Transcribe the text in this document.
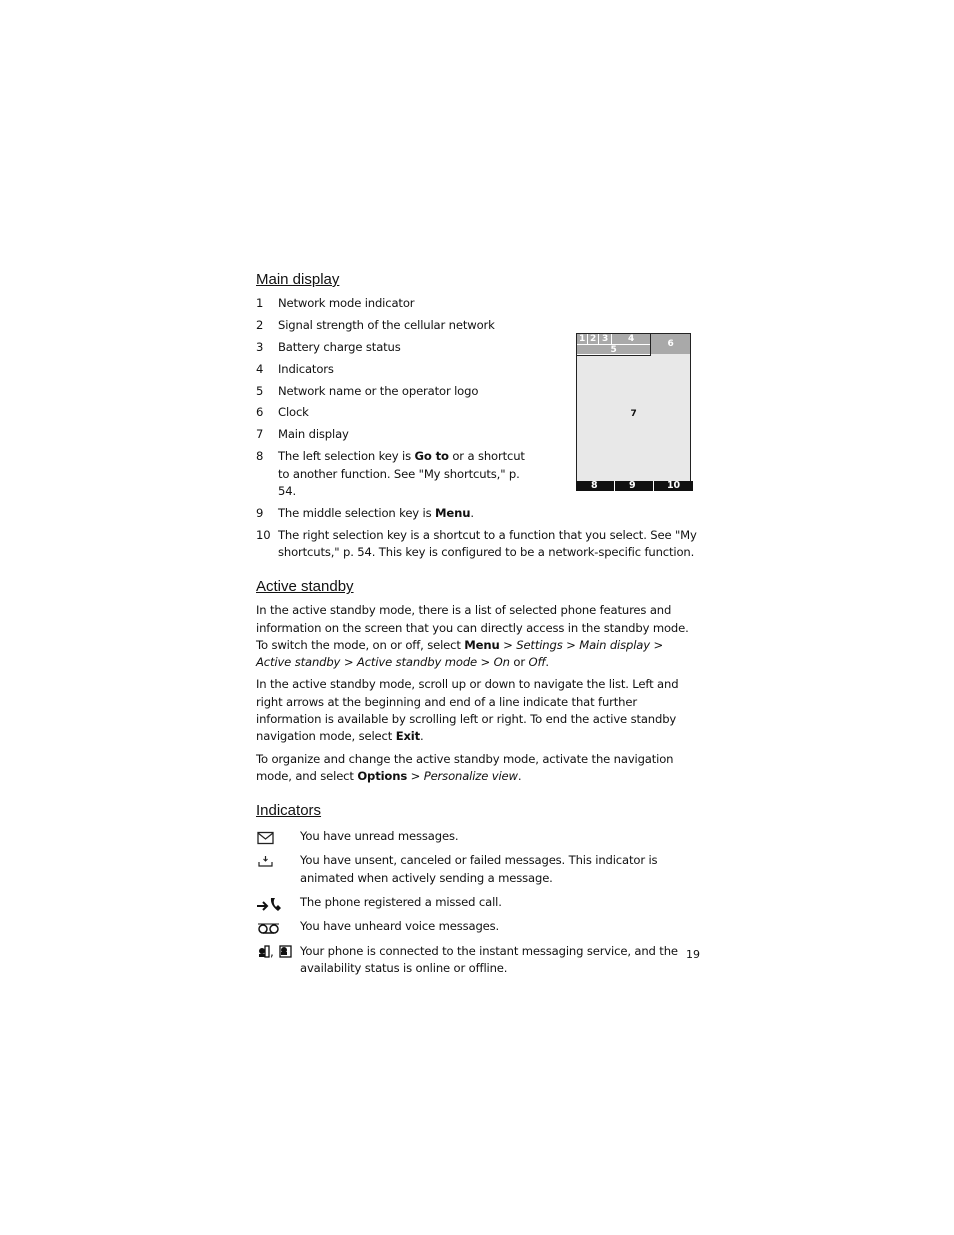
Main display
1	Network mode indicator
2	Signal strength of the cellular network
3	Battery charge status
4	Indicators
5	Network name or the operator logo
6	Clock
7	Main display
8	The left selection key is Go to or a shortcut to another function. See "My shortcuts," p. 54.
9	The middle selection key is Menu.
10 The right selection key is a shortcut to a function that you select. See "My shortcuts," p. 54. This key is configured to be a network-specific function.
1 2 3	4
5
6
7
8	9	10
Active standby

In the active standby mode, there is a list of selected phone features and information on the screen that you can directly access in the standby mode. To switch the mode, on or off, select Menu > Settings > Main display > Active standby > Active standby mode > On or Off.

In the active standby mode, scroll up or down to navigate the list. Left and right arrows at the beginning and end of a line indicate that further information is available by scrolling left or right. To end the active standby navigation mode, select Exit.

To organize and change the active standby mode, activate the navigation mode, and select Options > Personalize view.

Indicators
You have unread messages.
You have unsent, canceled or failed messages. This indicator is animated when actively sending a message.
The phone registered a missed call.
You have unheard voice messages.
, Your phone is connected to the instant messaging service, and the availability status is online or offline.
19
